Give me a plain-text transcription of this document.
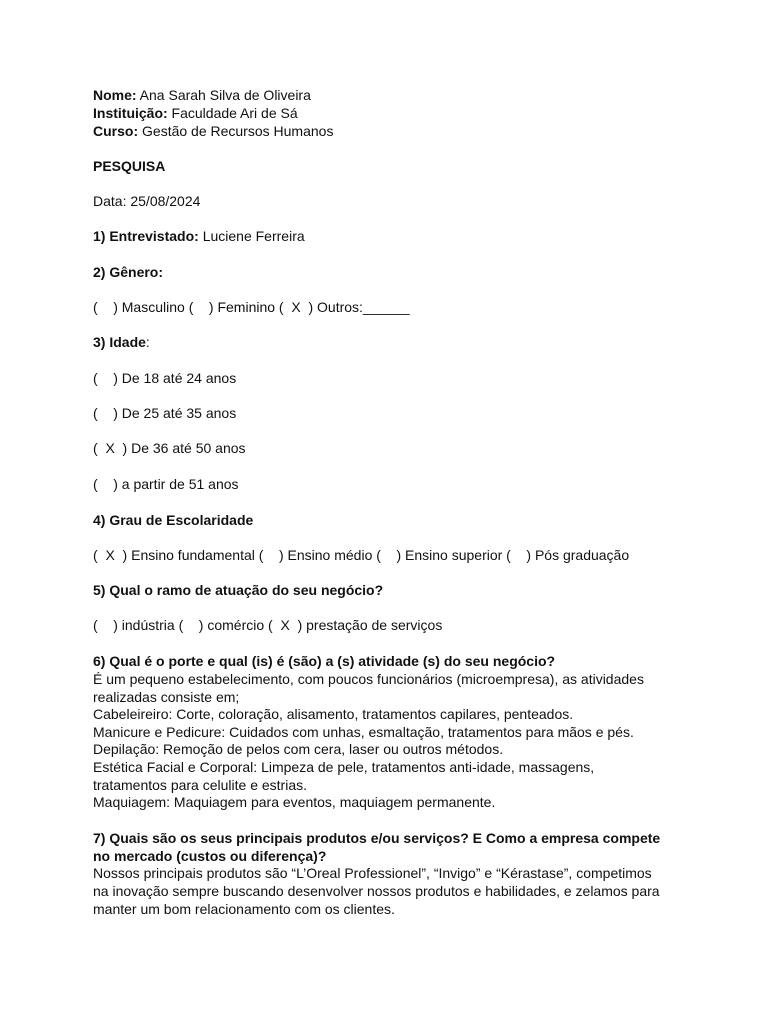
Nome: Ana Sarah Silva de Oliveira

Instituição: Faculdade Ari de Sá

Curso: Gestão de Recursos Humanos

PESQUISA

Data: 25/08/2024

1) Entrevistado: Luciene Ferreira

2) Gênero:

(    ) Masculino (    ) Feminino (  X  ) Outros:______

3) Idade:

(    ) De 18 até 24 anos

(    ) De 25 até 35 anos

(  X  ) De 36 até 50 anos

(    ) a partir de 51 anos

4) Grau de Escolaridade

(  X  ) Ensino fundamental (    ) Ensino médio (    ) Ensino superior (    ) Pós graduação

5) Qual o ramo de atuação do seu negócio?

(    ) indústria (    ) comércio (  X  ) prestação de serviços

6) Qual é o porte e qual (is) é (são) a (s) atividade (s) do seu negócio?

É um pequeno estabelecimento, com poucos funcionários (microempresa), as atividades

realizadas consiste em;

Cabeleireiro: Corte, coloração, alisamento, tratamentos capilares, penteados.

Manicure e Pedicure: Cuidados com unhas, esmaltação, tratamentos para mãos e pés.

Depilação: Remoção de pelos com cera, laser ou outros métodos.

Estética Facial e Corporal: Limpeza de pele, tratamentos anti-idade, massagens,

tratamentos para celulite e estrias.

Maquiagem: Maquiagem para eventos, maquiagem permanente.

7) Quais são os seus principais produtos e/ou serviços? E Como a empresa compete

no mercado (custos ou diferença)?

Nossos principais produtos são “L’Oreal Professionel”, “Invigo” e “Kérastase”, competimos

na inovação sempre buscando desenvolver nossos produtos e habilidades, e zelamos para

manter um bom relacionamento com os clientes.
